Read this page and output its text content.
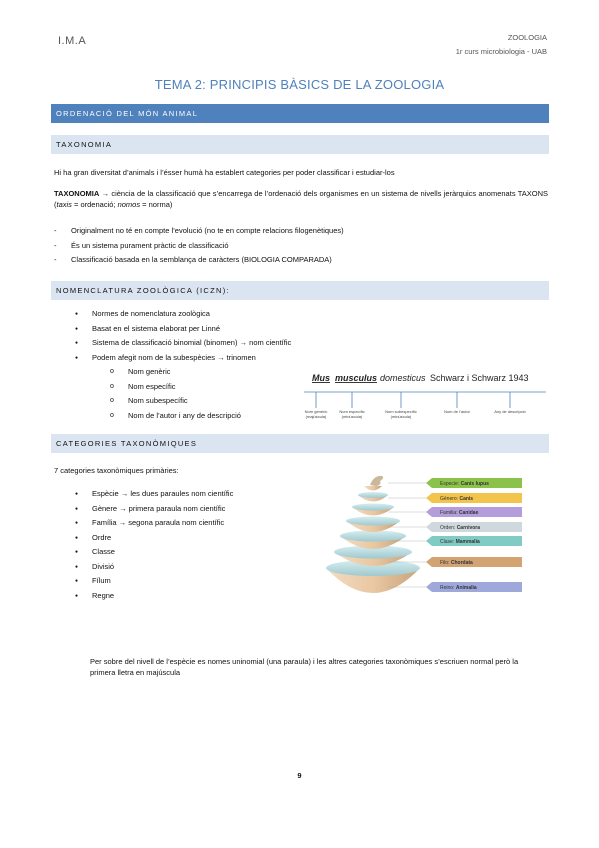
I.M.A	ZOOLOGIA
1r curs microbiologia - UAB
TEMA 2: PRINCIPIS BÀSICS DE LA ZOOLOGIA
ORDENACIÓ DEL MÓN ANIMAL
TAXONOMIA
Hi ha gran diversitat d’animals i l’ésser humà ha establert categories per poder classificar i estudiar-los
TAXONOMIA → ciència de la classificació que s’encarrega de l’ordenació dels organismes en un sistema de nivells jeràrquics anomenats TAXONS (taxis = ordenació; nomos = norma)
- Originalment no té en compte l’evolució (no te en compte relacions filogenètiques)
- És un sistema purament pràctic de classificació
- Classificació basada en la semblança de caràcters (BIOLOGIA COMPARADA)
NOMENCLATURA ZOOLÒGICA (ICZN):
● Normes de nomenclatura zoològica
● Basat en el sistema elaborat per Linné
● Sistema de classificació binomial (binomen) → nom científic
● Podem afegit nom de la subespècies → trinomen
o Nom genèric
o Nom específic
o Nom subespecífic
o Nom de l’autor i any de descripció
Mus musculus domesticus Schwarz i Schwarz 1943
Nom genèric
(majúscula)
Nom específic
(minúscula)
Nom subespecífic
(minúscula)
Nom de l’autor	Any de descripció
CATEGORIES TAXONÒMIQUES
7 categories taxonòmiques primàries:
● Espècie → les dues paraules nom científic
● Gènere → primera paraula nom científic
● Família → segona paraula nom científic
● Ordre
● Classe
● Divisió
● Fílum
● Regne
Especie: Canis lupus
Género: Canis
Familia: Canidae
Orden: Carnivora
Clase: Mammalia
Filo: Chordata
Reino: Animalia
Per sobre del nivell de l’espècie es nomes uninomial (una paraula) i les altres categories taxonòmiques s’escriuen normal però la primera lletra en majúscula
9
